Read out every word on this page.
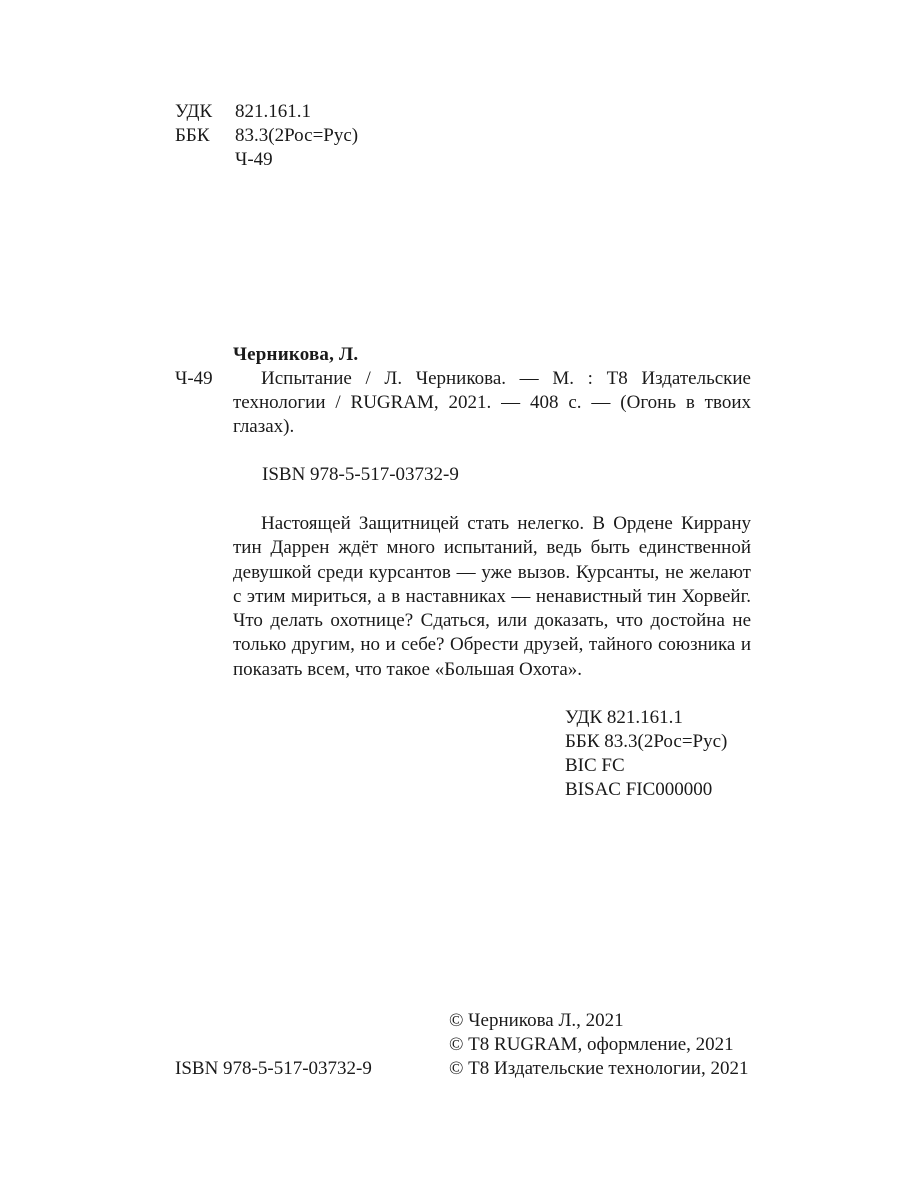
УДК	821.161.1
ББК	83.3(2Рос=Рус)
Ч-49
Черникова, Л.
Ч-49	Испытание / Л. Черникова. — М. : Т8 Издательские технологии / RUGRAM, 2021. — 408 с. — (Огонь в твоих глазах).

ISBN 978-5-517-03732-9

Настоящей Защитницей стать нелегко. В Ордене Киррану тин Даррен ждёт много испытаний, ведь быть единственной девушкой среди курсантов — уже вызов. Курсанты, не желают с этим мириться, а в наставниках — ненавистный тин Хорвейг. Что делать охотнице? Сдаться, или доказать, что достойна не только другим, но и себе? Обрести друзей, тайного союзника и показать всем, что такое «Большая Охота».

УДК 821.161.1
ББК 83.3(2Рос=Рус)
BIC FC
BISAC FIC000000
ISBN 978-5-517-03732-9
© Черникова Л., 2021
© Т8 RUGRAM, оформление, 2021
© Т8 Издательские технологии, 2021
